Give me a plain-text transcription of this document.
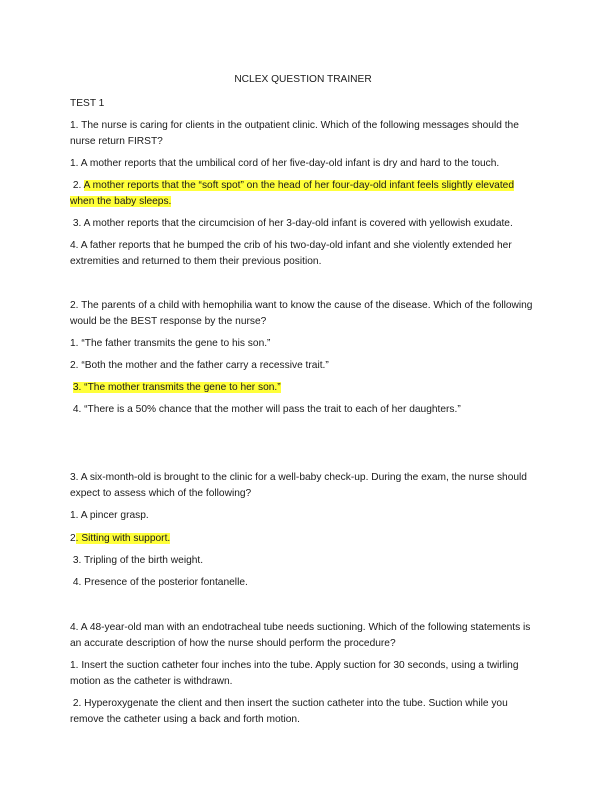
NCLEX QUESTION TRAINER
TEST 1
1. The nurse is caring for clients in the outpatient clinic. Which of the following messages should the
nurse return FIRST?
1. A mother reports that the umbilical cord of her five-day-old infant is dry and hard to the touch.
2. A mother reports that the “soft spot” on the head of her four-day-old infant feels slightly elevated
when the baby sleeps.
3. A mother reports that the circumcision of her 3-day-old infant is covered with yellowish exudate.
4. A father reports that he bumped the crib of his two-day-old infant and she violently extended her
extremities and returned to them their previous position.
2. The parents of a child with hemophilia want to know the cause of the disease. Which of the following
would be the BEST response by the nurse?
1. “The father transmits the gene to his son.”
2. “Both the mother and the father carry a recessive trait.”
3. “The mother transmits the gene to her son.”
4. “There is a 50% chance that the mother will pass the trait to each of her daughters.”
3. A six-month-old is brought to the clinic for a well-baby check-up. During the exam, the nurse should
expect to assess which of the following?
1. A pincer grasp.
2. Sitting with support.
3. Tripling of the birth weight.
4. Presence of the posterior fontanelle.
4. A 48-year-old man with an endotracheal tube needs suctioning. Which of the following statements is
an accurate description of how the nurse should perform the procedure?
1. Insert the suction catheter four inches into the tube. Apply suction for 30 seconds, using a twirling
motion as the catheter is withdrawn.
2. Hyperoxygenate the client and then insert the suction catheter into the tube. Suction while you
remove the catheter using a back and forth motion.
